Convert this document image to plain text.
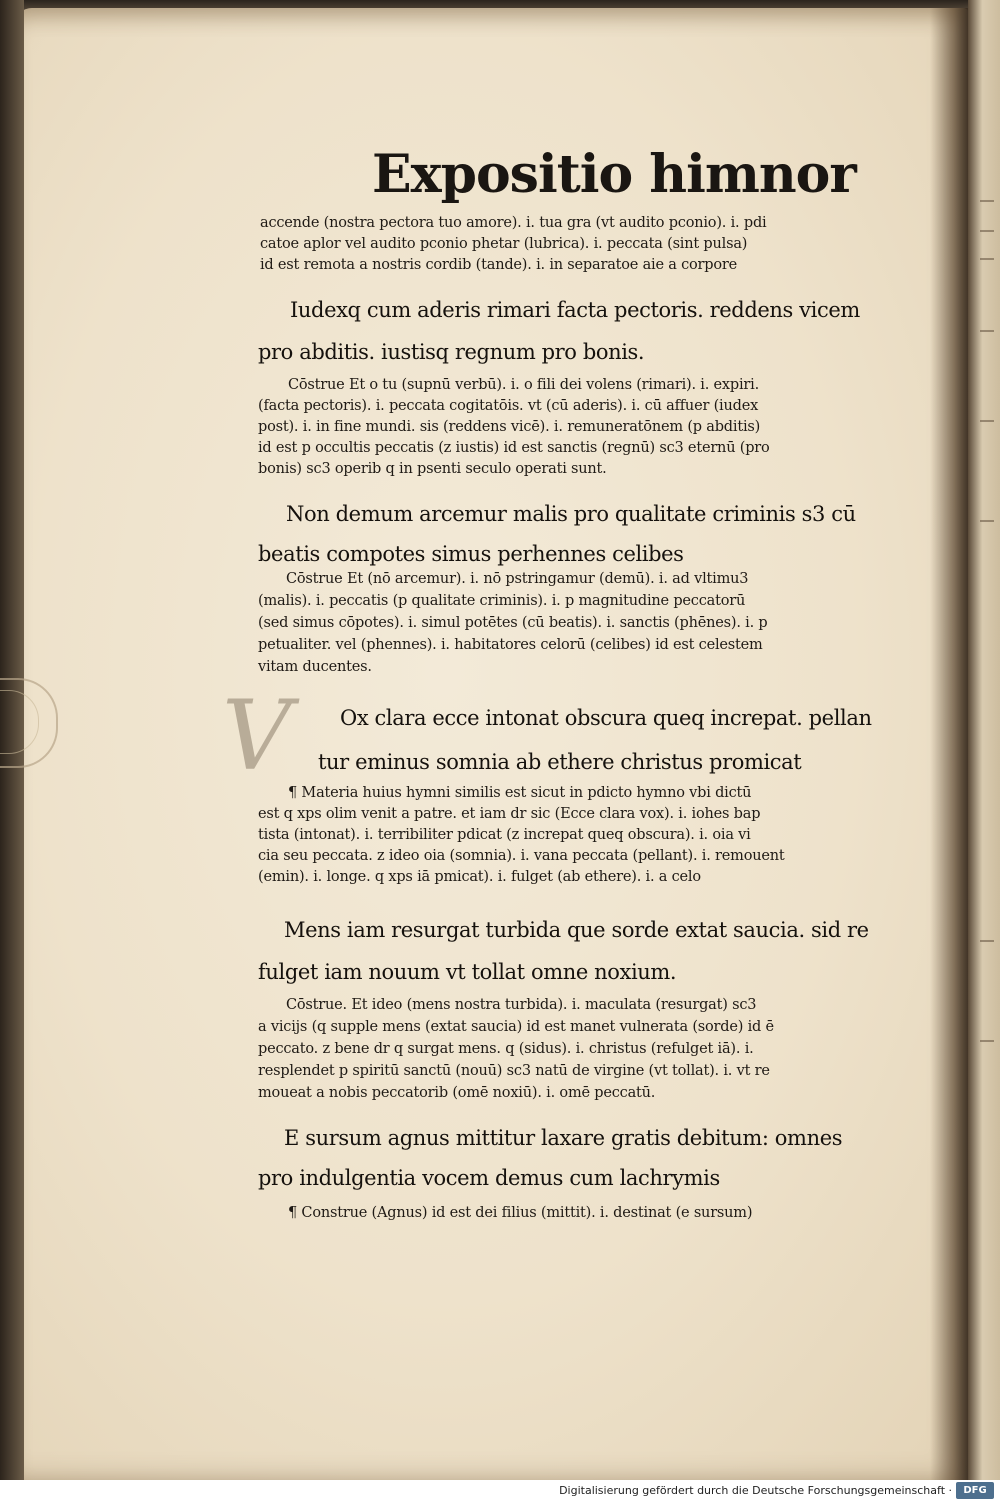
V
Expositio himnor
accende (nostra pectora tuo amore). i. tua gra (vt audito pconio). i. pdi
catoe aplor vel audito pconio phetar (lubrica). i. peccata (sint pulsa)
id est remota a nostris cordib (tande). i. in separatoe aie a corpore
Iudexq cum aderis rimari facta pectoris. reddens vicem
pro abditis. iustisq regnum pro bonis.
Cōstrue Et o tu (supnū verbū). i. o fili dei volens (rimari). i. expiri.
(facta pectoris). i. peccata cogitatōis. vt (cū aderis). i. cū affuer (iudex
post). i. in fine mundi. sis (reddens vicē). i. remuneratōnem (p abditis)
id est p occultis peccatis (z iustis) id est sanctis (regnū) sc3 eternū (pro
bonis) sc3 operib q in psenti seculo operati sunt.
Non demum arcemur malis pro qualitate criminis s3 cū
beatis compotes simus perhennes celibes
Cōstrue Et (nō arcemur). i. nō pstringamur (demū). i. ad vltimu3
(malis). i. peccatis (p qualitate criminis). i. p magnitudine peccatorū
(sed simus cōpotes). i. simul potētes (cū beatis). i. sanctis (phēnes). i. p
petualiter. vel (phennes). i. habitatores celorū (celibes) id est celestem
vitam ducentes.
Ox clara ecce intonat obscura queq increpat. pellan
tur eminus somnia ab ethere christus promicat
¶ Materia huius hymni similis est sicut in pdicto hymno vbi dictū
est q xps olim venit a patre. et iam dr sic (Ecce clara vox). i. iohes bap
tista (intonat). i. terribiliter pdicat (z increpat queq obscura). i. oia vi
cia seu peccata. z ideo oia (somnia). i. vana peccata (pellant). i. remouent
(emin). i. longe. q xps iā pmicat). i. fulget (ab ethere). i. a celo
Mens iam resurgat turbida que sorde extat saucia. sid re
fulget iam nouum vt tollat omne noxium.
Cōstrue. Et ideo (mens nostra turbida). i. maculata (resurgat) sc3
a vicijs (q supple mens (extat saucia) id est manet vulnerata (sorde) id ē
peccato. z bene dr q surgat mens. q (sidus). i. christus (refulget iā). i.
resplendet p spiritū sanctū (nouū) sc3 natū de virgine (vt tollat). i. vt re
moueat a nobis peccatorib (omē noxiū). i. omē peccatū.
E sursum agnus mittitur laxare gratis debitum: omnes
pro indulgentia vocem demus cum lachrymis
¶ Construe (Agnus) id est dei filius (mittit). i. destinat (e sursum)
Digitalisierung gefördert durch die Deutsche Forschungsgemeinschaft ·	DFG
